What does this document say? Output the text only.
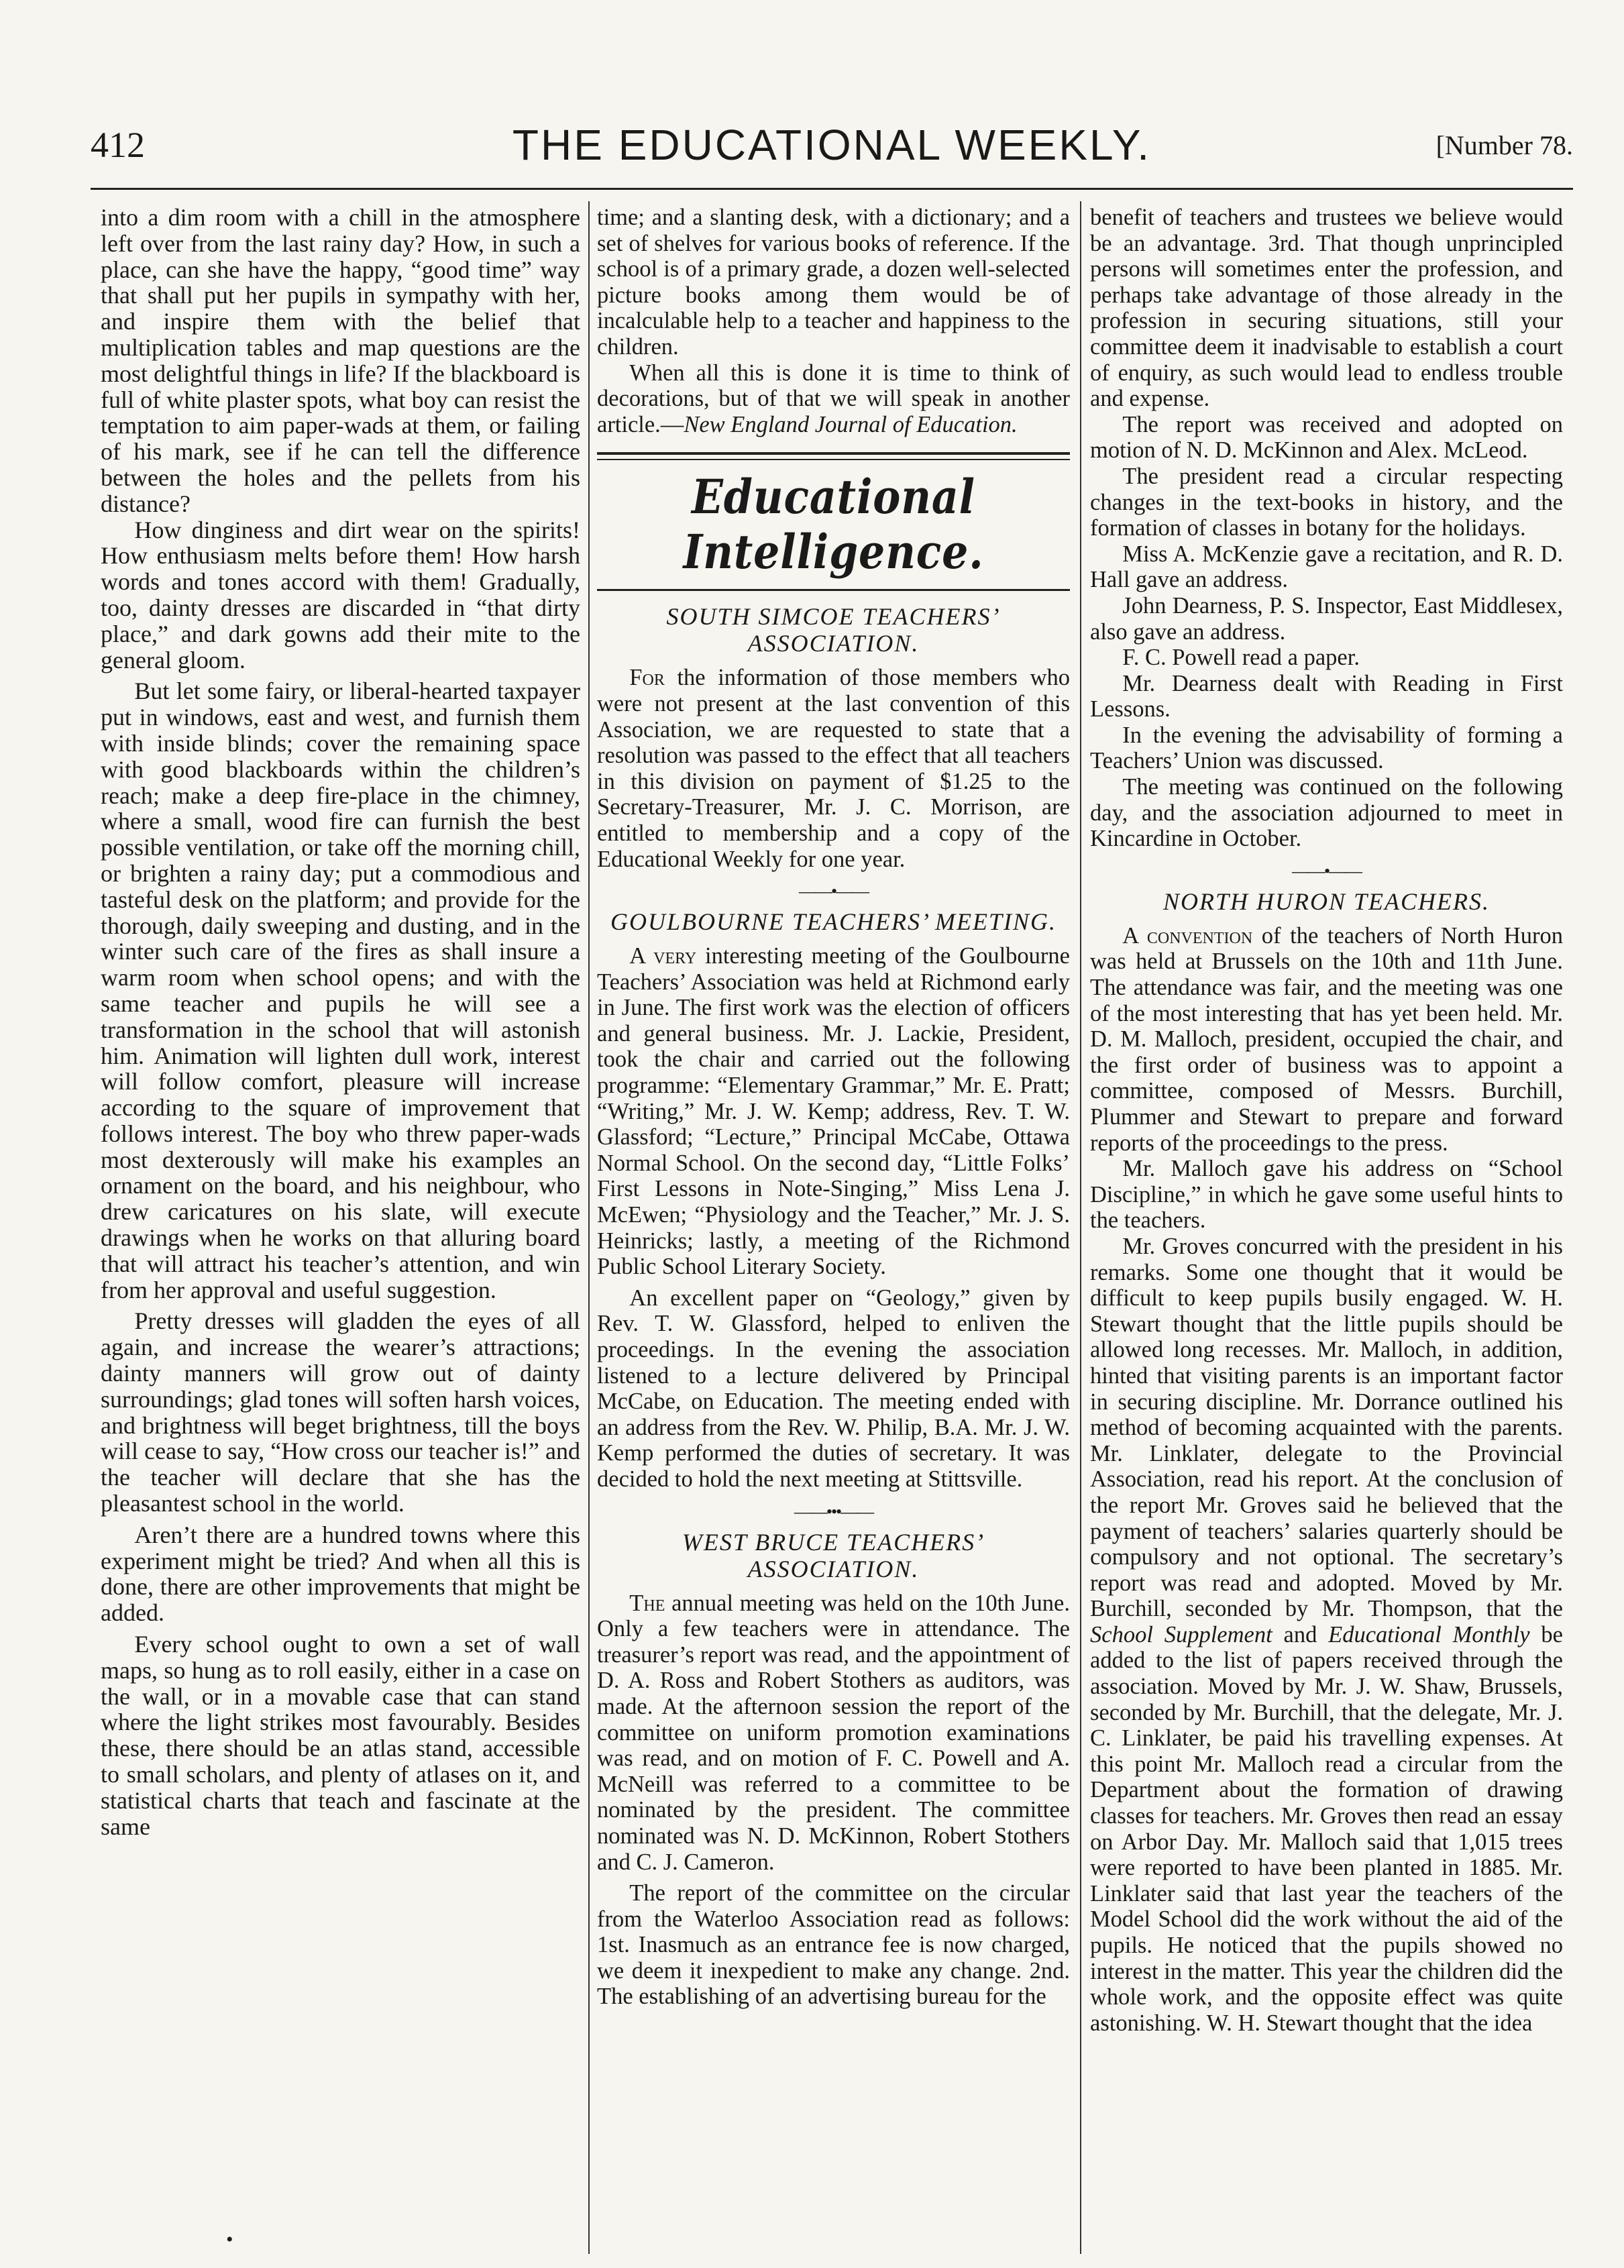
412	THE EDUCATIONAL WEEKLY.	[Number 78.

into a dim room with a chill in the atmosphere left over from the last rainy day? How, in such a place, can she have the happy, “good time” way that shall put her pupils in sympathy with her, and inspire them with the belief that multiplication tables and map questions are the most delightful things in life? If the blackboard is full of white plaster spots, what boy can resist the temptation to aim paper-wads at them, or failing of his mark, see if he can tell the difference between the holes and the pellets from his distance?

How dinginess and dirt wear on the spirits! How enthusiasm melts before them! How harsh words and tones accord with them! Gradually, too, dainty dresses are discarded in “that dirty place,” and dark gowns add their mite to the general gloom.

But let some fairy, or liberal-hearted taxpayer put in windows, east and west, and furnish them with inside blinds; cover the remaining space with good blackboards within the children’s reach; make a deep fire-place in the chimney, where a small, wood fire can furnish the best possible ventilation, or take off the morning chill, or brighten a rainy day; put a commodious and tasteful desk on the platform; and provide for the thorough, daily sweeping and dusting, and in the winter such care of the fires as shall insure a warm room when school opens; and with the same teacher and pupils he will see a transformation in the school that will astonish him. Animation will lighten dull work, interest will follow comfort, pleasure will increase according to the square of improvement that follows interest. The boy who threw paper-wads most dexterously will make his examples an ornament on the board, and his neighbour, who drew caricatures on his slate, will execute drawings when he works on that alluring board that will attract his teacher’s attention, and win from her approval and useful suggestion.

Pretty dresses will gladden the eyes of all again, and increase the wearer’s attractions; dainty manners will grow out of dainty surroundings; glad tones will soften harsh voices, and brightness will beget brightness, till the boys will cease to say, “How cross our teacher is!” and the teacher will declare that she has the pleasantest school in the world.

Aren’t there are a hundred towns where this experiment might be tried? And when all this is done, there are other improvements that might be added.

Every school ought to own a set of wall maps, so hung as to roll easily, either in a case on the wall, or in a movable case that can stand where the light strikes most favourably. Besides these, there should be an atlas stand, accessible to small scholars, and plenty of atlases on it, and statistical charts that teach and fascinate at the same

time; and a slanting desk, with a dictionary; and a set of shelves for various books of reference. If the school is of a primary grade, a dozen well-selected picture books among them would be of incalculable help to a teacher and happiness to the children.

When all this is done it is time to think of decorations, but of that we will speak in another article.—New England Journal of Education.

Educational Intelligence.
SOUTH SIMCOE TEACHERS’ ASSOCIATION.

For the information of those members who were not present at the last convention of this Association, we are requested to state that a resolution was passed to the effect that all teachers in this division on payment of $1.25 to the Secretary-Treasurer, Mr. J. C. Morrison, are entitled to membership and a copy of the Educational Weekly for one year.

——•——
GOULBOURNE TEACHERS’ MEETING.

A very interesting meeting of the Goulbourne Teachers’ Association was held at Richmond early in June. The first work was the election of officers and general business. Mr. J. Lackie, President, took the chair and carried out the following programme: “Elementary Grammar,” Mr. E. Pratt; “Writing,” Mr. J. W. Kemp; address, Rev. T. W. Glassford; “Lecture,” Principal McCabe, Ottawa Normal School. On the second day, “Little Folks’ First Lessons in Note-Singing,” Miss Lena J. McEwen; “Physiology and the Teacher,” Mr. J. S. Heinricks; lastly, a meeting of the Richmond Public School Literary Society.

An excellent paper on “Geology,” given by Rev. T. W. Glassford, helped to enliven the proceedings. In the evening the association listened to a lecture delivered by Principal McCabe, on Education. The meeting ended with an address from the Rev. W. Philip, B.A. Mr. J. W. Kemp performed the duties of secretary. It was decided to hold the next meeting at Stittsville.

——•••——
WEST BRUCE TEACHERS’ ASSOCIATION.

The annual meeting was held on the 10th June. Only a few teachers were in attendance. The treasurer’s report was read, and the appointment of D. A. Ross and Robert Stothers as auditors, was made. At the afternoon session the report of the committee on uniform promotion examinations was read, and on motion of F. C. Powell and A. McNeill was referred to a committee to be nominated by the president. The committee nominated was N. D. McKinnon, Robert Stothers and C. J. Cameron.

The report of the committee on the circular from the Waterloo Association read as follows: 1st. Inasmuch as an entrance fee is now charged, we deem it inexpedient to make any change. 2nd. The establishing of an advertising bureau for the

benefit of teachers and trustees we believe would be an advantage. 3rd. That though unprincipled persons will sometimes enter the profession, and perhaps take advantage of those already in the profession in securing situations, still your committee deem it inadvisable to establish a court of enquiry, as such would lead to endless trouble and expense.

The report was received and adopted on motion of N. D. McKinnon and Alex. McLeod.

The president read a circular respecting changes in the text-books in history, and the formation of classes in botany for the holidays.

Miss A. McKenzie gave a recitation, and R. D. Hall gave an address.

John Dearness, P. S. Inspector, East Middlesex, also gave an address.

F. C. Powell read a paper.

Mr. Dearness dealt with Reading in First Lessons.

In the evening the advisability of forming a Teachers’ Union was discussed.

The meeting was continued on the following day, and the association adjourned to meet in Kincardine in October.

——•——
NORTH HURON TEACHERS.

A convention of the teachers of North Huron was held at Brussels on the 10th and 11th June. The attendance was fair, and the meeting was one of the most interesting that has yet been held. Mr. D. M. Malloch, president, occupied the chair, and the first order of business was to appoint a committee, composed of Messrs. Burchill, Plummer and Stewart to prepare and forward reports of the proceedings to the press.

Mr. Malloch gave his address on “School Discipline,” in which he gave some useful hints to the teachers.

Mr. Groves concurred with the president in his remarks. Some one thought that it would be difficult to keep pupils busily engaged. W. H. Stewart thought that the little pupils should be allowed long recesses. Mr. Malloch, in addition, hinted that visiting parents is an important factor in securing discipline. Mr. Dorrance outlined his method of becoming acquainted with the parents. Mr. Linklater, delegate to the Provincial Association, read his report. At the conclusion of the report Mr. Groves said he believed that the payment of teachers’ salaries quarterly should be compulsory and not optional. The secretary’s report was read and adopted. Moved by Mr. Burchill, seconded by Mr. Thompson, that the School Supplement and Educational Monthly be added to the list of papers received through the association. Moved by Mr. J. W. Shaw, Brussels, seconded by Mr. Burchill, that the delegate, Mr. J. C. Linklater, be paid his travelling expenses. At this point Mr. Malloch read a circular from the Department about the formation of drawing classes for teachers. Mr. Groves then read an essay on Arbor Day. Mr. Malloch said that 1,015 trees were reported to have been planted in 1885. Mr. Linklater said that last year the teachers of the Model School did the work without the aid of the pupils. He noticed that the pupils showed no interest in the matter. This year the children did the whole work, and the opposite effect was quite astonishing. W. H. Stewart thought that the idea

•
